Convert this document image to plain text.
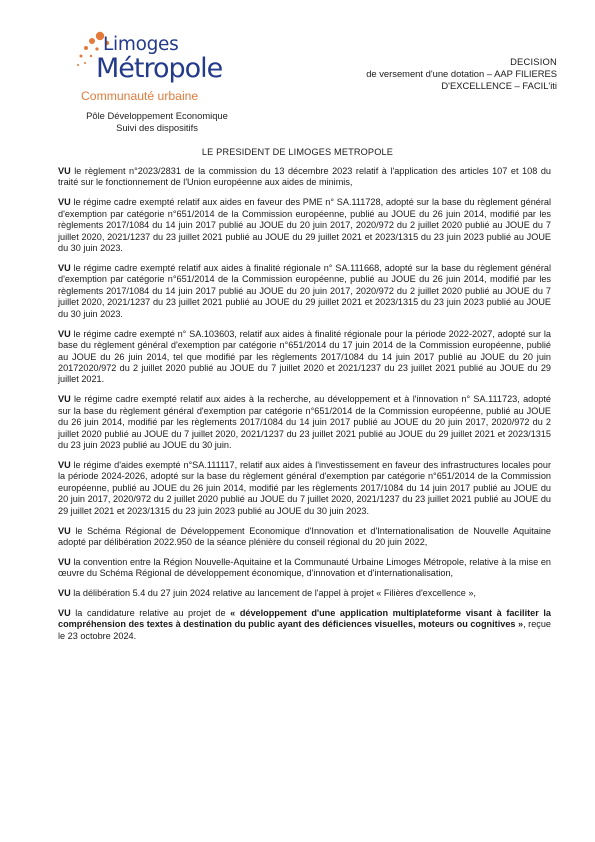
Limoges
Métropole
Communauté urbaine
Pôle Développement Economique
Suivi des dispositifs
DECISION
de versement d'une dotation – AAP FILIERES
D'EXCELLENCE – FACIL'iti
LE PRESIDENT DE LIMOGES METROPOLE

VU le règlement n°2023/2831 de la commission du 13 décembre 2023 relatif à l'application des articles 107 et 108 du traité sur le fonctionnement de l'Union européenne aux aides de minimis,

VU le régime cadre exempté relatif aux aides en faveur des PME n° SA.111728, adopté sur la base du règlement général d'exemption par catégorie n°651/2014 de la Commission européenne, publié au JOUE du 26 juin 2014, modifié par les règlements 2017/1084 du 14 juin 2017 publié au JOUE du 20 juin 2017, 2020/972 du 2 juillet 2020 publié au JOUE du 7 juillet 2020, 2021/1237 du 23 juillet 2021 publié au JOUE du 29 juillet 2021 et 2023/1315 du 23 juin 2023 publié au JOUE du 30 juin 2023.

VU le régime cadre exempté relatif aux aides à finalité régionale n° SA.111668, adopté sur la base du règlement général d'exemption par catégorie n°651/2014 de la Commission européenne, publié au JOUE du 26 juin 2014, modifié par les règlements 2017/1084 du 14 juin 2017 publié au JOUE du 20 juin 2017, 2020/972 du 2 juillet 2020 publié au JOUE du 7 juillet 2020, 2021/1237 du 23 juillet 2021 publié au JOUE du 29 juillet 2021 et 2023/1315 du 23 juin 2023 publié au JOUE du 30 juin 2023.

VU le régime cadre exempté n° SA.103603, relatif aux aides à finalité régionale pour la période 2022-2027, adopté sur la base du règlement général d'exemption par catégorie n°651/2014 du 17 juin 2014 de la Commission européenne, publié au JOUE du 26 juin 2014, tel que modifié par les règlements 2017/1084 du 14 juin 2017 publié au JOUE du 20 juin 20172020/972 du 2 juillet 2020 publié au JOUE du 7 juillet 2020 et 2021/1237 du 23 juillet 2021 publié au JOUE du 29 juillet 2021.

VU le régime cadre exempté relatif aux aides à la recherche, au développement et à l'innovation n° SA.111723, adopté sur la base du règlement général d'exemption par catégorie n°651/2014 de la Commission européenne, publié au JOUE du 26 juin 2014, modifié par les règlements 2017/1084 du 14 juin 2017 publié au JOUE du 20 juin 2017, 2020/972 du 2 juillet 2020 publié au JOUE du 7 juillet 2020, 2021/1237 du 23 juillet 2021 publié au JOUE du 29 juillet 2021 et 2023/1315 du 23 juin 2023 publié au JOUE du 30 juin.

VU le régime d'aides exempté n°SA.111117, relatif aux aides à l'investissement en faveur des infrastructures locales pour la période 2024-2026, adopté sur la base du règlement général d'exemption par catégorie n°651/2014 de la Commission européenne, publié au JOUE du 26 juin 2014, modifié par les règlements 2017/1084 du 14 juin 2017 publié au JOUE du 20 juin 2017, 2020/972 du 2 juillet 2020 publié au JOUE du 7 juillet 2020, 2021/1237 du 23 juillet 2021 publié au JOUE du 29 juillet 2021 et 2023/1315 du 23 juin 2023 publié au JOUE du 30 juin 2023.

VU le Schéma Régional de Développement Economique d'Innovation et d'Internationalisation de Nouvelle Aquitaine adopté par délibération 2022.950 de la séance plénière du conseil régional du 20 juin 2022,

VU la convention entre la Région Nouvelle-Aquitaine et la Communauté Urbaine Limoges Métropole, relative à la mise en œuvre du Schéma Régional de développement économique, d'innovation et d'internationalisation,

VU la délibération 5.4 du 27 juin 2024 relative au lancement de l'appel à projet « Filières d'excellence »,

VU la candidature relative au projet de « développement d'une application multiplateforme visant à faciliter la compréhension des textes à destination du public ayant des déficiences visuelles, moteurs ou cognitives », reçue le 23 octobre 2024.
